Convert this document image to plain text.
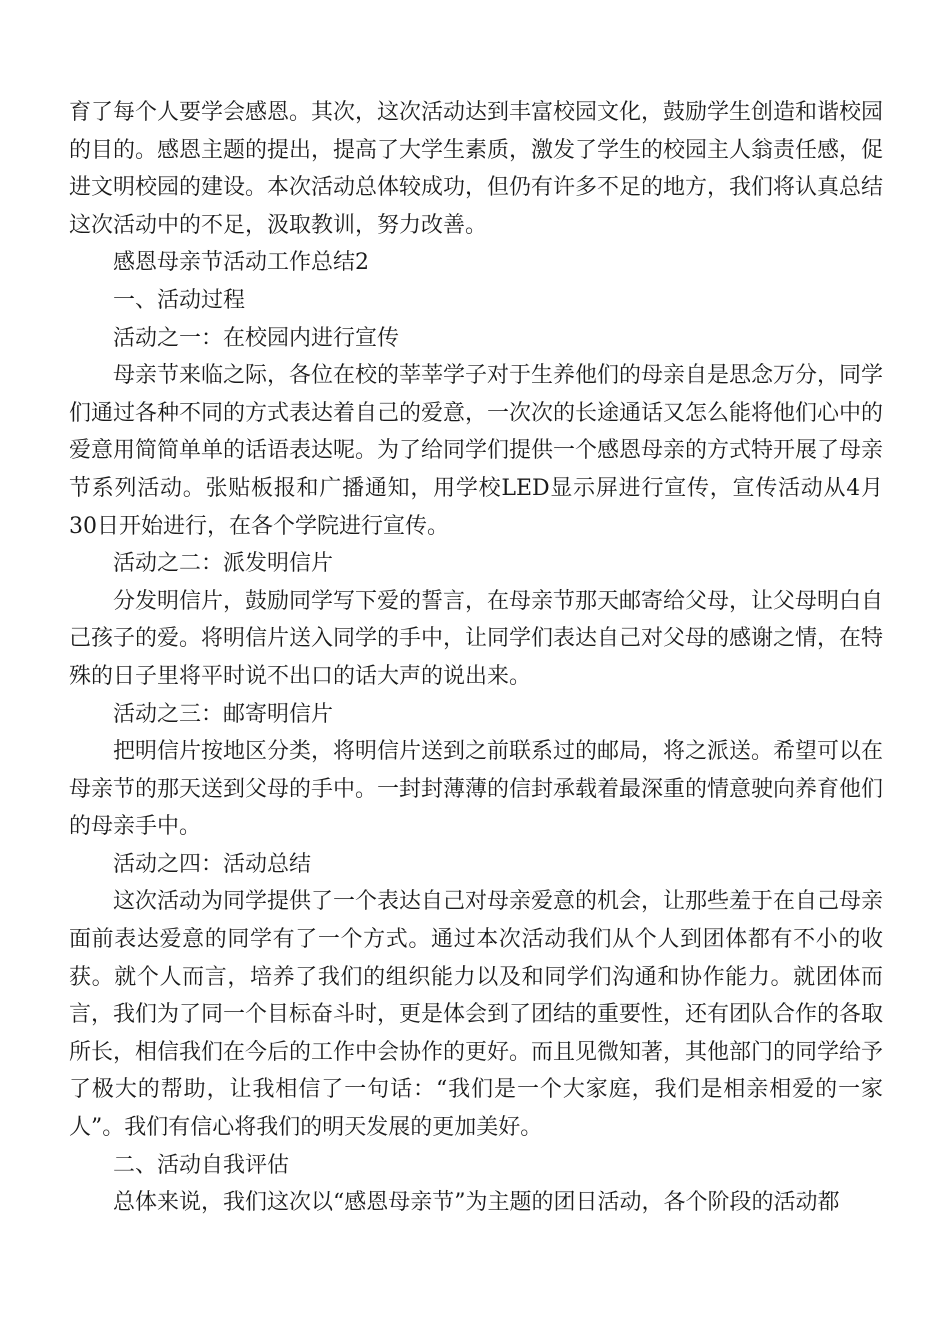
育了每个人要学会感恩。其次，这次活动达到丰富校园文化，鼓励学生创造和谐校园的目的。感恩主题的提出，提高了大学生素质，激发了学生的校园主人翁责任感，促进文明校园的建设。本次活动总体较成功，但仍有许多不足的地方，我们将认真总结这次活动中的不足，汲取教训，努力改善。

感恩母亲节活动工作总结2

一、活动过程

活动之一：在校园内进行宣传

母亲节来临之际，各位在校的莘莘学子对于生养他们的母亲自是思念万分，同学们通过各种不同的方式表达着自己的爱意，一次次的长途通话又怎么能将他们心中的爱意用简简单单的话语表达呢。为了给同学们提供一个感恩母亲的方式特开展了母亲节系列活动。张贴板报和广播通知，用学校LED显示屏进行宣传，宣传活动从4月30日开始进行，在各个学院进行宣传。

活动之二：派发明信片

分发明信片，鼓励同学写下爱的誓言，在母亲节那天邮寄给父母，让父母明白自己孩子的爱。将明信片送入同学的手中，让同学们表达自己对父母的感谢之情，在特殊的日子里将平时说不出口的话大声的说出来。

活动之三：邮寄明信片

把明信片按地区分类，将明信片送到之前联系过的邮局，将之派送。希望可以在母亲节的那天送到父母的手中。一封封薄薄的信封承载着最深重的情意驶向养育他们的母亲手中。

活动之四：活动总结

这次活动为同学提供了一个表达自己对母亲爱意的机会，让那些羞于在自己母亲面前表达爱意的同学有了一个方式。通过本次活动我们从个人到团体都有不小的收获。就个人而言，培养了我们的组织能力以及和同学们沟通和协作能力。就团体而言，我们为了同一个目标奋斗时，更是体会到了团结的重要性，还有团队合作的各取所长，相信我们在今后的工作中会协作的更好。而且见微知著，其他部门的同学给予了极大的帮助，让我相信了一句话：“我们是一个大家庭，我们是相亲相爱的一家人”。我们有信心将我们的明天发展的更加美好。

二、活动自我评估

总体来说，我们这次以“感恩母亲节”为主题的团日活动，各个阶段的活动都
